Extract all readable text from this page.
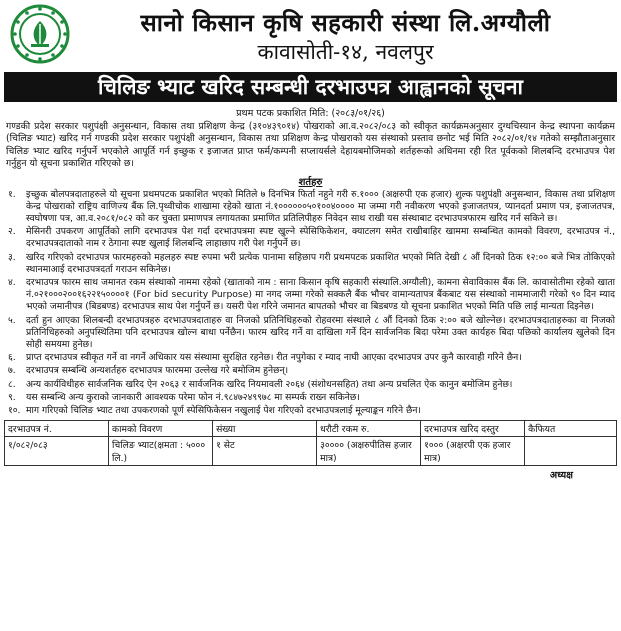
सानाे किसान कृषि सहकारी संस्था लि.अग्यौली
कावासोती-१४, नवलपुर
चिलिङ भ्याट खरिद सम्बन्धी दरभाउपत्र आह्वानको सूचना
प्रथम पटक प्रकाशित मिति: (२०८३/०१/२६)
गण्डकी प्रदेश सरकार पशुपंक्षी अनुसन्धान, विकास तथा प्रशिक्षण केन्द्र (३१०४३९०१४) पोखराको आ.व.२०८२/०८३ को स्वीकृत कार्यक्रमअनुसार दुग्धचिस्यान केन्द्र स्थापना कार्यक्रम (चिलिङ भ्याट) खरिद गर्न गण्डकी प्रदेश सरकार पशुपंक्षी अनुसन्धान, विकास तथा प्रशिक्षण केन्द्र पोखराको यस संस्थाको प्रस्ताव छनोट भई मिति २०८२/०१/१४ गतेको सम्झौताअनुसार चिलिङ भ्याट खरिद गर्नुपर्ने भएकोले आपूर्ति गर्न इच्छुक र इजाजत प्राप्त फर्म/कम्पनी सप्लायर्सले देहायबमोजिमको शर्तहरूको अधिनमा रही रित पूर्वकको शिलबन्दि दरभाउपत्र पेश गर्नुहुन यो सूचना प्रकाशित गरिएको छ।
शर्तहरु
१. इच्छुक बोलपत्रदाताहरुले यो सूचना प्रथमपटक प्रकाशित भएको मितिले ७ दिनभित्र फिर्ता नहुने गरी रु.१००० (अक्षरुपी एक हजार) शुल्क पशुपंक्षी अनुसन्धान, विकास तथा प्रशिक्षण केन्द्र पोखराको राष्ट्रिय वाणिज्य बैंक लि.पृथ्वीचोक शाखामा रहेको खाता नं.१००००००५०१००४०००० मा जम्मा गरी नवीकरण भएको इजाजतपत्र, प्यानदर्ता प्रमाण पत्र, इजाजतपत्र, स्वघोषणा पत्र, आ.व.२०८१/०८२ को कर चुक्ता प्रमाणपत्र लगायतका प्रमाणित प्रतिलिपीहरु निवेदन साथ राखी यस संस्थाबाट दरभाउपत्रफारम खरिद गर्न सकिने छ।
२. मेसिनरी उपकरण आपूर्तिको लागि दरभाउपत्र पेश गर्दा दरभाउपत्रमा स्पष्ट खुल्ने स्पेसिफिकेशन, क्याटलग समेत राखीबाहिर खाममा सम्बन्धित कामको विवरण, दरभाउपत्र नं., दरभाउपत्रदाताको नाम र ठेगाना स्पष्ट खुलाई शिलबन्दि लाहाछाप गरी पेश गर्नुपर्ने छ।
३. खरिद गरिएको दरभाउपत्र फारमहरुको महलहरु स्पष्ट रुपमा भरी प्रत्येक पानामा सहिछाप गरी प्रथमपटक प्रकाशित भएको मिति देखी ८ औं दिनको ठिक १२:०० बजे भित्र तोकिएको स्थानमाआई दरभाउपत्रदर्ता गराउन सकिनेछ।
४. दरभाउपत्र फारम साथ जमानत रकम संस्थाको नाममा रहेको (खाताको नाम : साना किसान कृषि सहकारी संस्थालि.अग्यौली), कामना सेवाविकास बैंक लि. कावासोतीमा रहेको खाता नं.०२१०००२००१६२२१५००००१ (For bid security Purpose) मा नगद जम्मा गरेको सक्कलै बैंक भौचर वामान्यतापत्र बैंकबाट यस संस्थाको नाममाजारी गरेको ९० दिन म्याद भएको जमानीपत्र (बिडबण्ड) दरभाउपत्र साथ पेश गर्नुपर्ने छ। यसरी पेश गरिने जमानत बापतको भौचर वा बिडबण्ड यो सूचना प्रकाशित भएको मिति पछि लाई मान्यता दिइनेछ।
५. दर्ता हुन आएका शिलबन्दी दरभाउपत्रहरु दरभाउपत्रदाताहरु वा निजको प्रतिनिधिहरुको रोहवरमा संस्थाले ८ औं दिनको ठिक २:०० बजे खोल्नेछ। दरभाउपत्रदाताहरुका वा निजको प्रतिनिधिहरुको अनुपस्थितिमा पनि दरभाउपत्र खोल्न बाधा पर्नेछैन। फारम खरिद गर्ने वा दाखिला गर्ने दिन सार्वजनिक बिदा परेमा उक्त कार्यहरु बिदा पछिको कार्यालय खुलेको दिन सोही समयमा हुनेछ।
६. प्राप्त दरभाउपत्र स्वीकृत गर्ने वा नगर्ने अधिकार यस संस्थामा सुरक्षित रहनेछ। रीत नपुगेका र म्याद नाघी आएका दरभाउपत्र उपर कुनै कारवाही गरिने छैन।
७. दरभाउपत्र सम्बन्धि अन्यशर्तहरु दरभाउपत्र फारममा उल्लेख गरे बमोजिम हुनेछन्।
८. अन्य कार्यविधीहरु सार्वजनिक खरिद ऐन २०६३ र सार्वजनिक खरिद नियमावली २०६४ (संशोधनसहित) तथा अन्य प्रचलित ऐक कानुन बमोजिम हुनेछ।
९. यस सम्बन्धि अन्य कुराको जानकारी आवश्यक परेमा फोन नं.९८४७२४९९७८ मा सम्पर्क राख्न सकिनेछ।
१०. माग गरिएको चिलिङ भ्याट तथा उपकरणको पूर्ण स्पेसिफिकेसन नखुलाई पेश गरिएको दरभाउपत्रलाई मूल्याङ्कन गरिने छैन।
दरभाउपत्र नं.	कामको विवरण	संख्या	धरौटी रकम रु.	दरभाउपत्र खरिद दस्तुर	कैफियत
१/०८२/०८३	चिलिङ भ्याट(क्षमता : ५००० लि.)	१ सेट	३०००० (अक्षरुपीतिस हजार मात्र)	१००० (अक्षरपी एक हजार मात्र)	
अध्यक्ष
